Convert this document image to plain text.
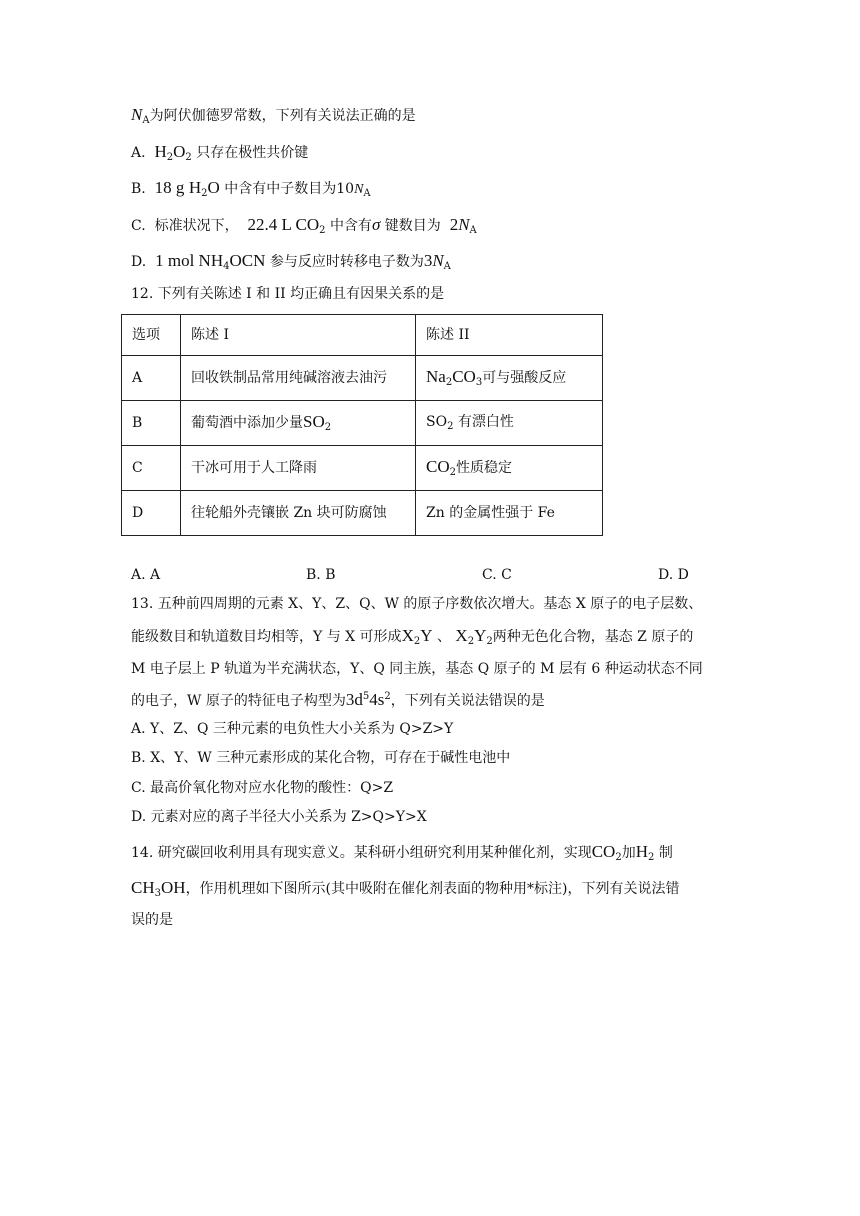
$N_A$为阿伏伽德罗常数，下列有关说法正确的是
A. $H_2O_2$ 只存在极性共价键
B. 18 g $H_2O$ 中含有中子数目为$10N_A$
C. 标准状况下， 22.4 L $CO_2$ 中含有σ 键数目为 $2N_A$
D. 1 mol $NH_4OCN$ 参与反应时转移电子数为$3N_A$
12. 下列有关陈述 I 和 II 均正确且有因果关系的是
选项	陈述 I	陈述 II
A	回收铁制品常用纯碱溶液去油污	$Na_2CO_3$可与强酸反应
B	葡萄酒中添加少量$SO_2$	$SO_2$ 有漂白性
C	干冰可用于人工降雨	$CO_2$性质稳定
D	往轮船外壳镶嵌 Zn 块可防腐蚀	Zn 的金属性强于 Fe
A. A	B. B	C. C	D. D
13. 五种前四周期的元素 X、Y、Z、Q、W 的原子序数依次增大。基态 X 原子的电子层数、
能级数目和轨道数目均相等，Y 与 X 可形成$X_2Y$ 、 $X_2Y_2$两种无色化合物，基态 Z 原子的
M 电子层上 P 轨道为半充满状态，Y、Q 同主族，基态 Q 原子的 M 层有 6 种运动状态不同
的电子，W 原子的特征电子构型为$3d^54s^2$，下列有关说法错误的是
A. Y、Z、Q 三种元素的电负性大小关系为 Q>Z>Y
B. X、Y、W 三种元素形成的某化合物，可存在于碱性电池中
C. 最高价氧化物对应水化物的酸性：Q>Z
D. 元素对应的离子半径大小关系为 Z>Q>Y>X
14. 研究碳回收利用具有现实意义。某科研小组研究利用某种催化剂，实现$CO_2$加$H_2$ 制
$CH_3OH$，作用机理如下图所示(其中吸附在催化剂表面的物种用*标注)，下列有关说法错
误的是
